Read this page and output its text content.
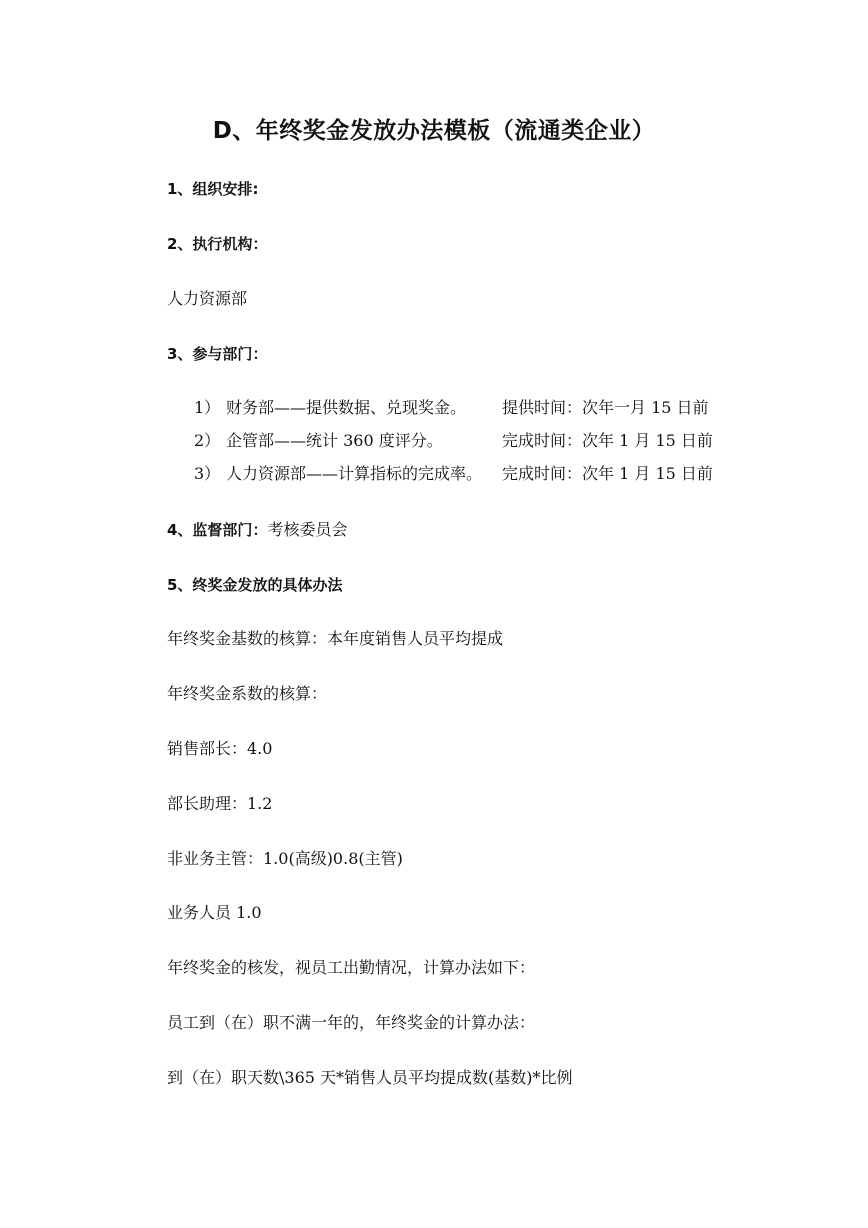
D、年终奖金发放办法模板（流通类企业）
1、组织安排:
2、执行机构：
人力资源部
3、参与部门：
1） 财务部——提供数据、兑现奖金。 提供时间：次年一月 15 日前
2） 企管部——统计 360 度评分。	完成时间：次年 1 月 15 日前
3） 人力资源部——计算指标的完成率。 完成时间：次年 1 月 15 日前
4、监督部门：考核委员会
5、终奖金发放的具体办法
年终奖金基数的核算：本年度销售人员平均提成
年终奖金系数的核算：
销售部长：4.0
部长助理：1.2
非业务主管：1.0(高级)0.8(主管)
业务人员 1.0
年终奖金的核发，视员工出勤情况，计算办法如下：
员工到（在）职不满一年的，年终奖金的计算办法：
到（在）职天数\365 天*销售人员平均提成数(基数)*比例
